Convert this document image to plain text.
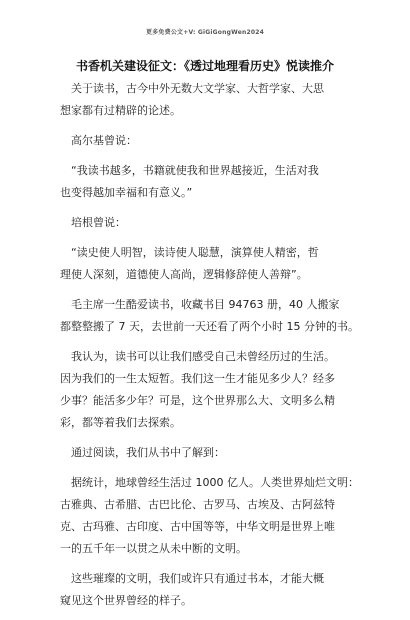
更多免费公文+V: GiGiGongWen2024
书香机关建设征文：《透过地理看历史》悦读推介
　关于读书，古今中外无数大文学家、大哲学家、大思
想家都有过精辟的论述。
　高尔基曾说：
　“我读书越多，书籍就使我和世界越接近，生活对我
也变得越加幸福和有意义。”
　培根曾说：
　“读史使人明智，读诗使人聪慧，演算使人精密，哲
理使人深刻，道德使人高尚，逻辑修辞使人善辩”。
　毛主席一生酷爱读书，收藏书目 94763 册，40 人搬家
都整整搬了 7 天，去世前一天还看了两个小时 15 分钟的书。
　我认为，读书可以让我们感受自己未曾经历过的生活。
因为我们的一生太短暂。我们这一生才能见多少人？经多
少事？能活多少年？可是，这个世界那么大、文明多么精
彩，都等着我们去探索。
　通过阅读，我们从书中了解到：
　据统计，地球曾经生活过 1000 亿人。人类世界灿烂文明：
古雅典、古希腊、古巴比伦、古罗马、古埃及、古阿兹特
克、古玛雅、古印度、古中国等等，中华文明是世界上唯
一的五千年一以贯之从未中断的文明。
　这些璀璨的文明，我们或许只有通过书本，才能大概
窥见这个世界曾经的样子。
